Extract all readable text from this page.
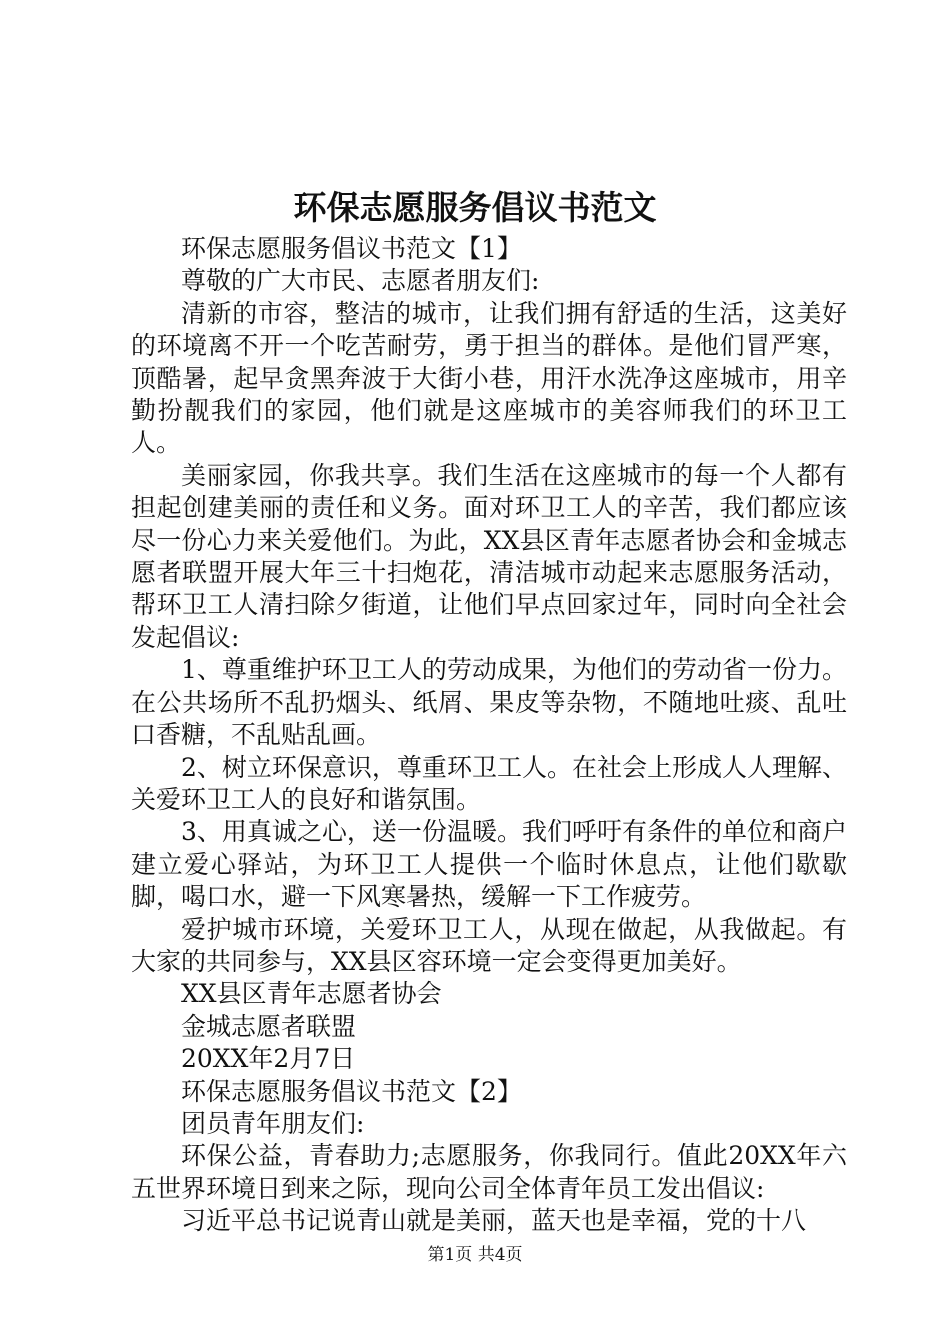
环保志愿服务倡议书范文

环保志愿服务倡议书范文【1】

尊敬的广大市民、志愿者朋友们:

清新的市容，整洁的城市，让我们拥有舒适的生活，这美好的环境离不开一个吃苦耐劳，勇于担当的群体。是他们冒严寒，顶酷暑，起早贪黑奔波于大街小巷，用汗水洗净这座城市，用辛勤扮靓我们的家园，他们就是这座城市的美容师我们的环卫工人。

美丽家园，你我共享。我们生活在这座城市的每一个人都有担起创建美丽的责任和义务。面对环卫工人的辛苦，我们都应该尽一份心力来关爱他们。为此，XX县区青年志愿者协会和金城志愿者联盟开展大年三十扫炮花，清洁城市动起来志愿服务活动，帮环卫工人清扫除夕街道，让他们早点回家过年，同时向全社会发起倡议:

1、尊重维护环卫工人的劳动成果，为他们的劳动省一份力。在公共场所不乱扔烟头、纸屑、果皮等杂物，不随地吐痰、乱吐口香糖，不乱贴乱画。

2、树立环保意识，尊重环卫工人。在社会上形成人人理解、关爱环卫工人的良好和谐氛围。

3、用真诚之心，送一份温暖。我们呼吁有条件的单位和商户建立爱心驿站，为环卫工人提供一个临时休息点，让他们歇歇脚，喝口水，避一下风寒暑热，缓解一下工作疲劳。

爱护城市环境，关爱环卫工人，从现在做起，从我做起。有大家的共同参与，XX县区容环境一定会变得更加美好。

XX县区青年志愿者协会

金城志愿者联盟

20XX年2月7日

环保志愿服务倡议书范文【2】

团员青年朋友们:

环保公益，青春助力;志愿服务，你我同行。值此20XX年六五世界环境日到来之际，现向公司全体青年员工发出倡议:

习近平总书记说青山就是美丽，蓝天也是幸福，党的十八

第1页 共4页
